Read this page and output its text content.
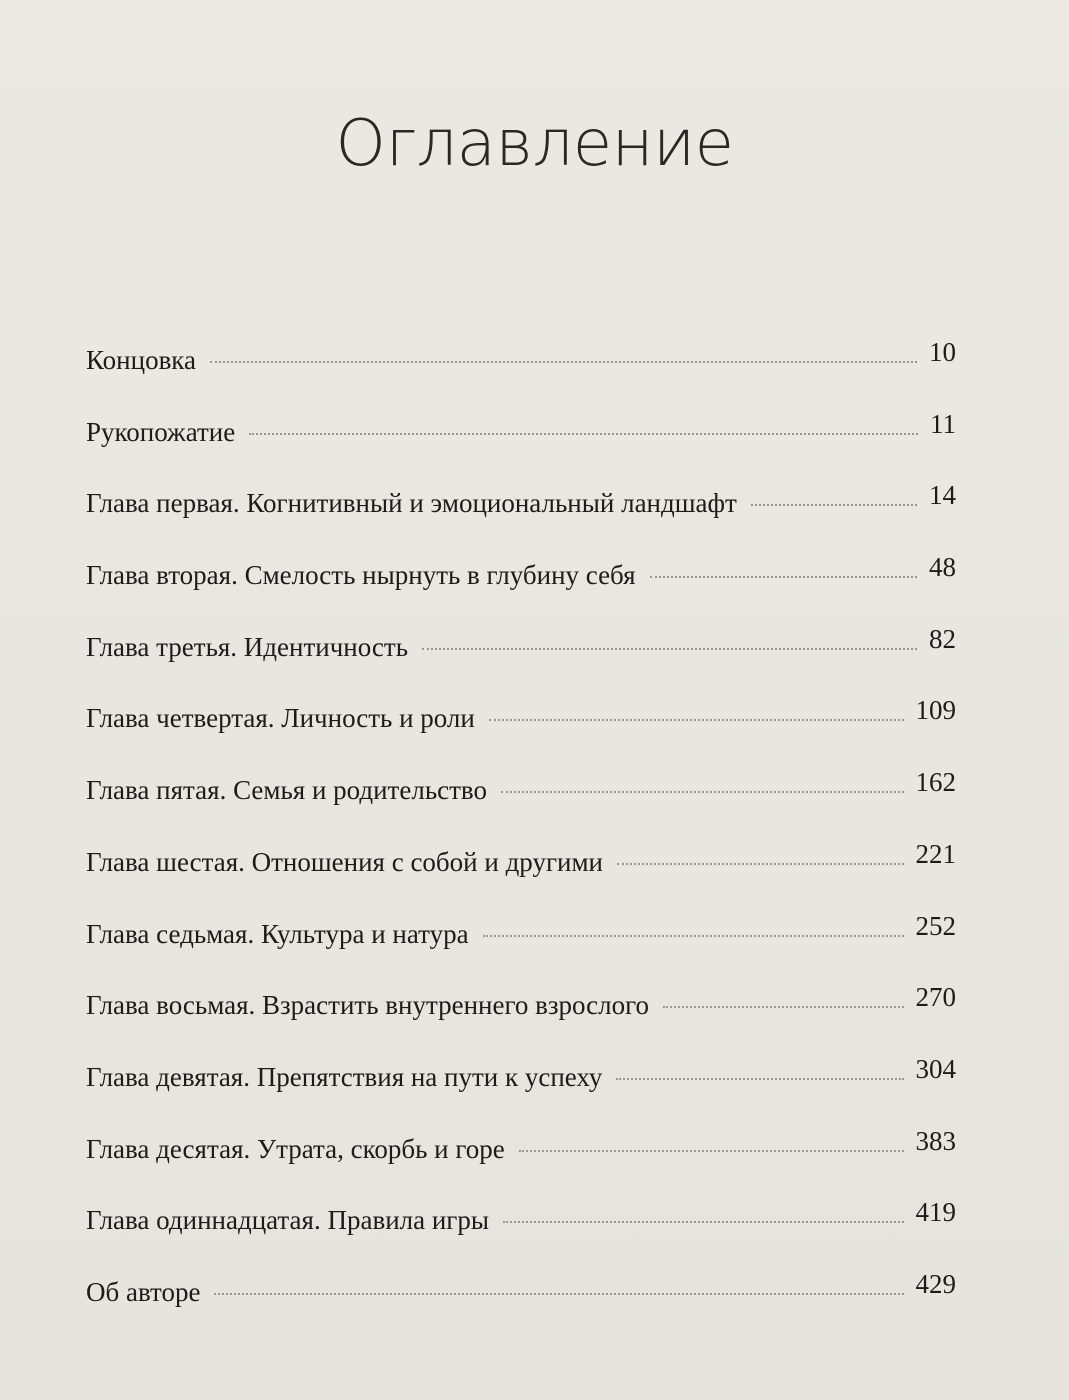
Оглавление
Концовка	10
Рукопожатие	11
Глава первая. Когнитивный и эмоциональный ландшафт	14
Глава вторая. Смелость нырнуть в глубину себя	48
Глава третья. Идентичность	82
Глава четвертая. Личность и роли	109
Глава пятая. Семья и родительство	162
Глава шестая. Отношения с собой и другими	221
Глава седьмая. Культура и натура	252
Глава восьмая. Взрастить внутреннего взрослого	270
Глава девятая. Препятствия на пути к успеху	304
Глава десятая. Утрата, скорбь и горе	383
Глава одиннадцатая. Правила игры	419
Об авторе	429
